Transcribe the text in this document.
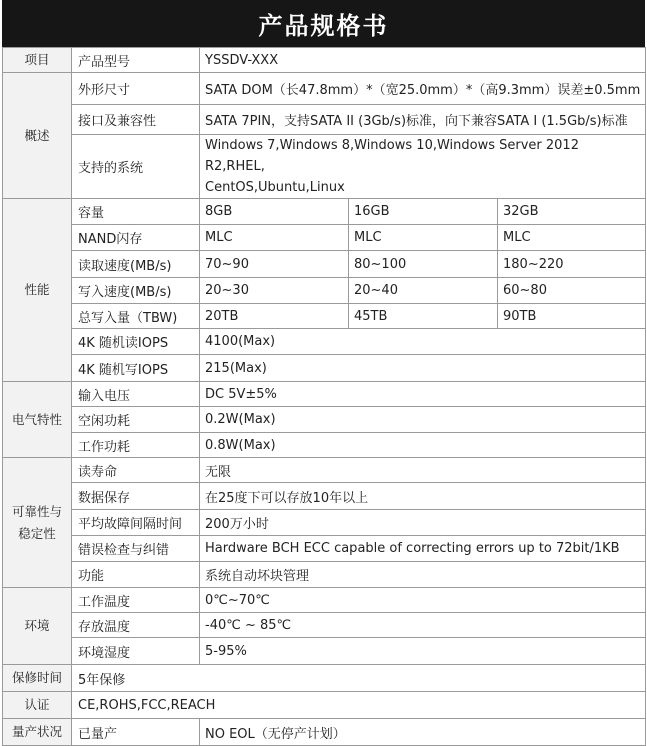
产品规格书
项目	产品型号	YSSDV-XXX		
概述	外形尺寸	SATA DOM（长47.8mm）*（宽25.0mm）*（高9.3mm）误差±0.5mm		
	接口及兼容性	SATA 7PIN，支持SATA II (3Gb/s)标准，向下兼容SATA I (1.5Gb/s)标准		
	支持的系统	Windows 7,Windows 8,Windows 10,Windows Server 2012 R2,RHEL,
CentOS,Ubuntu,Linux		
性能	容量	8GB	16GB	32GB
	NAND闪存	MLC	MLC	MLC
	读取速度(MB/s)	70~90	80~100	180~220
	写入速度(MB/s)	20~30	20~40	60~80
	总写入量（TBW)	20TB	45TB	90TB
	4K 随机读IOPS	4100(Max)		
	4K 随机写IOPS	215(Max)		
电气特性	输入电压	DC 5V±5%		
	空闲功耗	0.2W(Max)		
	工作功耗	0.8W(Max)		
可靠性与
稳定性	读寿命	无限		
	数据保存	在25度下可以存放10年以上		
	平均故障间隔时间	200万小时		
	错误检查与纠错	Hardware BCH ECC capable of correcting errors up to 72bit/1KB		
	功能	系统自动坏块管理		
环境	工作温度	0℃~70℃		
	存放温度	-40℃ ~ 85℃		
	环境湿度	5-95%		
保修时间	5年保修			
认证	CE,ROHS,FCC,REACH			
量产状况	已量产	NO EOL（无停产计划）		
